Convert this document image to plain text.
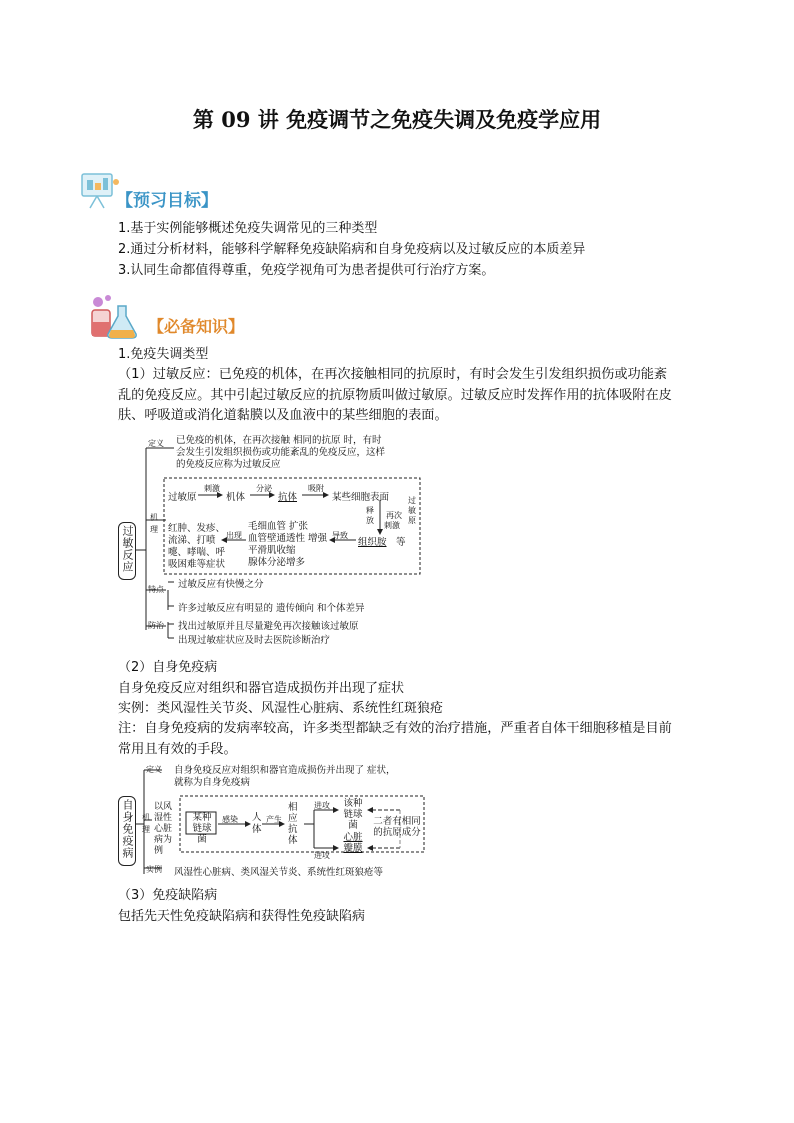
第 09 讲 免疫调节之免疫失调及免疫学应用
【预习目标】
1.基于实例能够概述免疫失调常见的三种类型
2.通过分析材料，能够科学解释免疫缺陷病和自身免疫病以及过敏反应的本质差异
3.认同生命都值得尊重，免疫学视角可为患者提供可行治疗方案。
【必备知识】
1.免疫失调类型
（1）过敏反应：已免疫的机体，在再次接触相同的抗原时，有时会发生引发组织损伤或功能紊乱的免疫反应。其中引起过敏反应的抗原物质叫做过敏原。过敏反应时发挥作用的抗体吸附在皮肤、呼吸道或消化道黏膜以及血液中的某些细胞的表面。
过敏反应
定义 已免疫的机体，在再次接触 相同的抗原 时，有时
会发生引发组织损伤或功能紊乱的免疫反应，这样
的免疫反应称为过敏反应
机理
过敏原
刺激
机体
分泌
抗体
吸附
某些细胞表面
释放
再次
刺激
过敏原
组织胺 等
导致
毛细血管 扩张
血管壁通透性 增强
平滑肌收缩
腺体分泌增多
出现
红肿、发疹、
流涕、打喷
嚏、哮喘、呼
吸困难等症状
特点 过敏反应有快慢之分
许多过敏反应有明显的 遗传倾向 和个体差异
防治 找出过敏原并且尽量避免再次接触该过敏原
出现过敏症状应及时去医院诊断治疗
（2）自身免疫病
自身免疫反应对组织和器官造成损伤并出现了症状
实例：类风湿性关节炎、风湿性心脏病、系统性红斑狼疮
注：自身免疫病的发病率较高，许多类型都缺乏有效的治疗措施，严重者自体干细胞移植是目前常用且有效的手段。
自身免疫病
定义 自身免疫反应对组织和器官造成损伤并出现了 症状，
就称为自身免疫病
机理
以风湿性心脏病为例
某种链球菌
感染 人体
产生
相应抗体
进攻
进攻
该种链球菌
心脏瓣膜
二者有相同的抗原成分
实例 风湿性心脏病、类风湿关节炎、系统性红斑狼疮等
（3）免疫缺陷病
包括先天性免疫缺陷病和获得性免疫缺陷病
